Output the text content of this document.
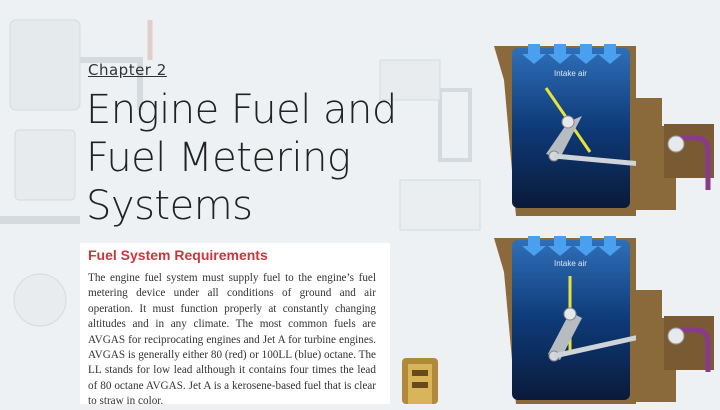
Chapter 2
Engine Fuel and
Fuel Metering
Systems
Fuel System Requirements
The engine fuel system must supply fuel to the engine’s fuel metering device under all conditions of ground and air operation. It must function properly at constantly changing altitudes and in any climate. The most common fuels are AVGAS for reciprocating engines and Jet A for turbine engines. AVGAS is generally either 80 (red) or 100LL (blue) octane. The LL stands for low lead although it contains four times the lead of 80 octane AVGAS. Jet A is a kerosene-based fuel that is clear to straw in color.
Intake air
Intake air
